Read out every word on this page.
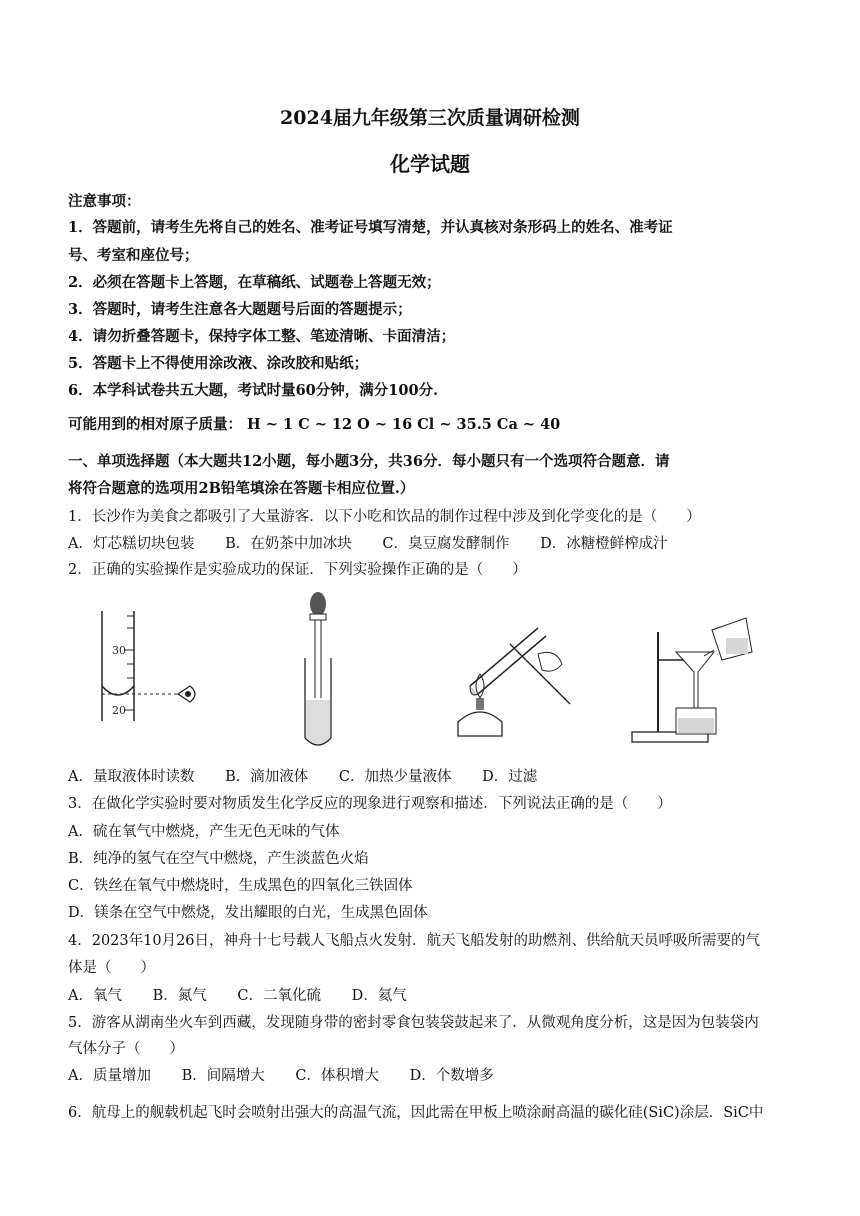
2024届九年级第三次质量调研检测
化学试题
注意事项：
1．答题前，请考生先将自己的姓名、准考证号填写清楚，并认真核对条形码上的姓名、准考证
号、考室和座位号；
2．必须在答题卡上答题，在草稿纸、试题卷上答题无效；
3．答题时，请考生注意各大题题号后面的答题提示；
4．请勿折叠答题卡，保持字体工整、笔迹清晰、卡面清洁；
5．答题卡上不得使用涂改液、涂改胶和贴纸；
6．本学科试卷共五大题，考试时量60分钟，满分100分.
可能用到的相对原子质量： H ~ 1 C ~ 12 O ~ 16 Cl ~ 35.5 Ca ~ 40
一、单项选择题（本大题共12小题，每小题3分，共36分．每小题只有一个选项符合题意．请
将符合题意的选项用2B铅笔填涂在答题卡相应位置.）
1．长沙作为美食之都吸引了大量游客．以下小吃和饮品的制作过程中涉及到化学变化的是（　　）
A．灯芯糕切块包装 B．在奶茶中加冰块 C．臭豆腐发酵制作 D．冰糖橙鲜榨成汁
2．正确的实验操作是实验成功的保证．下列实验操作正确的是（　　）
30
20
A．量取液体时读数 B．滴加液体 C．加热少量液体 D．过滤
3．在做化学实验时要对物质发生化学反应的现象进行观察和描述．下列说法正确的是（　　）
A．硫在氧气中燃烧，产生无色无味的气体
B．纯净的氢气在空气中燃烧，产生淡蓝色火焰
C．铁丝在氧气中燃烧时，生成黑色的四氧化三铁固体
D．镁条在空气中燃烧，发出耀眼的白光，生成黑色固体
4．2023年10月26日，神舟十七号载人飞船点火发射．航天飞船发射的助燃剂、供给航天员呼吸所需要的气
体是（　　）
A．氧气 B．氮气 C．二氧化硫 D．氦气
5．游客从湖南坐火车到西藏，发现随身带的密封零食包装袋鼓起来了．从微观角度分析，这是因为包装袋内
气体分子（　　）
A．质量增加 B．间隔增大 C．体积增大 D．个数增多
6．航母上的舰载机起飞时会喷射出强大的高温气流，因此需在甲板上喷涂耐高温的碳化硅(SiC)涂层．SiC中
